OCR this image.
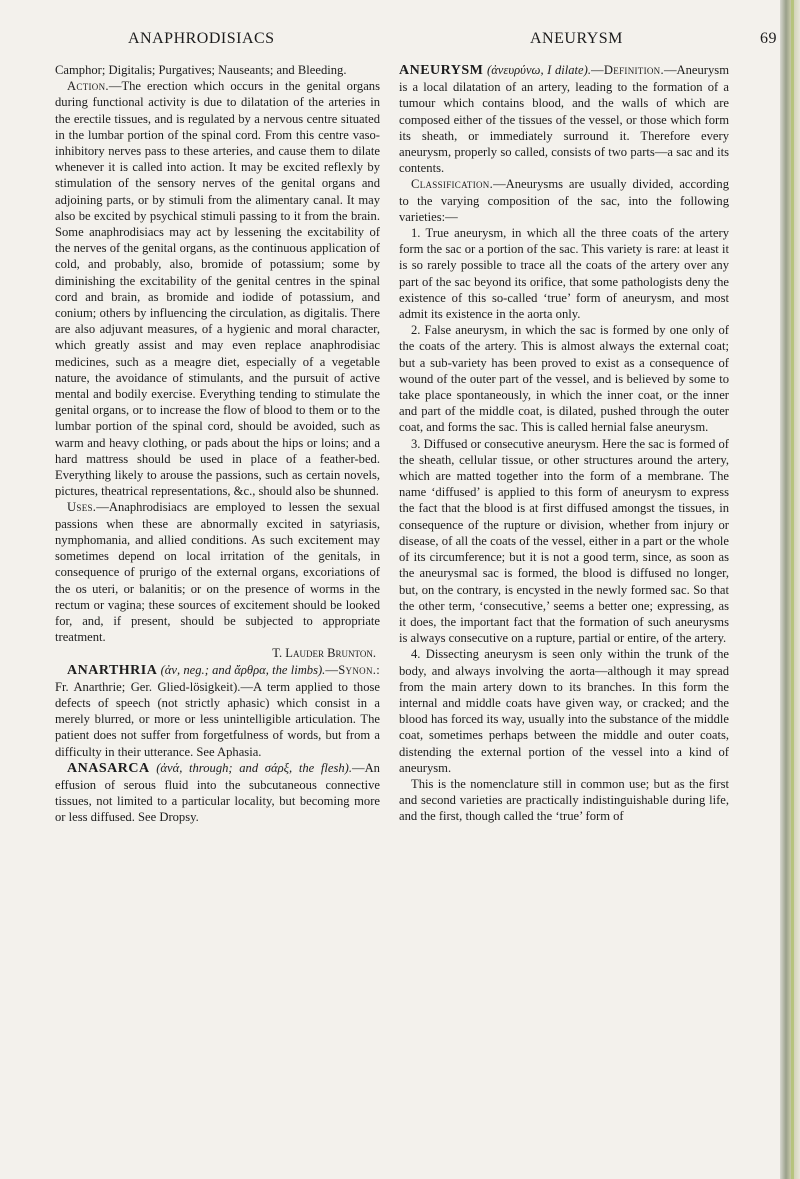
ANAPHRODISIACS	ANEURYSM	69

Camphor; Digitalis; Purgatives; Nauseants; and Bleeding.

Action.—The erection which occurs in the genital organs during functional activity is due to dilatation of the arteries in the erectile tissues, and is regulated by a nervous centre situated in the lumbar portion of the spinal cord. From this centre vaso-inhibitory nerves pass to these arteries, and cause them to dilate whenever it is called into action. It may be excited reflexly by stimulation of the sensory nerves of the genital organs and adjoining parts, or by stimuli from the alimentary canal. It may also be excited by psychical stimuli passing to it from the brain. Some anaphrodisiacs may act by lessening the excitability of the nerves of the genital organs, as the continuous application of cold, and probably, also, bromide of potassium; some by diminishing the excitability of the genital centres in the spinal cord and brain, as bromide and iodide of potassium, and conium; others by influencing the circulation, as digitalis. There are also adjuvant measures, of a hygienic and moral character, which greatly assist and may even replace anaphrodisiac medicines, such as a meagre diet, especially of a vegetable nature, the avoidance of stimulants, and the pursuit of active mental and bodily exercise. Everything tending to stimulate the genital organs, or to increase the flow of blood to them or to the lumbar portion of the spinal cord, should be avoided, such as warm and heavy clothing, or pads about the hips or loins; and a hard mattress should be used in place of a feather-bed. Everything likely to arouse the passions, such as certain novels, pictures, theatrical representations, &c., should also be shunned.

Uses.—Anaphrodisiacs are employed to lessen the sexual passions when these are abnormally excited in satyriasis, nymphomania, and allied conditions. As such excitement may sometimes depend on local irritation of the genitals, in consequence of prurigo of the external organs, excoriations of the os uteri, or balanitis; or on the presence of worms in the rectum or vagina; these sources of excitement should be looked for, and, if present, should be subjected to appropriate treatment.

T. Lauder Brunton.

ANARTHRIA (ἀν, neg.; and ἄρθρα, the limbs).—Synon.: Fr. Anarthrie; Ger. Glied-lösigkeit).—A term applied to those defects of speech (not strictly aphasic) which consist in a merely blurred, or more or less unintelligible articulation. The patient does not suffer from forgetfulness of words, but from a difficulty in their utterance. See Aphasia.

ANASARCA (ἀνά, through; and σάρξ, the flesh).—An effusion of serous fluid into the subcutaneous connective tissues, not limited to a particular locality, but becoming more or less diffused. See Dropsy.

ANEURYSM (ἀνευρύνω, I dilate).—Definition.—Aneurysm is a local dilatation of an artery, leading to the formation of a tumour which contains blood, and the walls of which are composed either of the tissues of the vessel, or those which form its sheath, or immediately surround it. Therefore every aneurysm, properly so called, consists of two parts—a sac and its contents.

Classification.—Aneurysms are usually divided, according to the varying composition of the sac, into the following varieties:—

1. True aneurysm, in which all the three coats of the artery form the sac or a portion of the sac. This variety is rare: at least it is so rarely possible to trace all the coats of the artery over any part of the sac beyond its orifice, that some pathologists deny the existence of this so-called ‘true’ form of aneurysm, and most admit its existence in the aorta only.

2. False aneurysm, in which the sac is formed by one only of the coats of the artery. This is almost always the external coat; but a sub-variety has been proved to exist as a consequence of wound of the outer part of the vessel, and is believed by some to take place spontaneously, in which the inner coat, or the inner and part of the middle coat, is dilated, pushed through the outer coat, and forms the sac. This is called hernial false aneurysm.

3. Diffused or consecutive aneurysm. Here the sac is formed of the sheath, cellular tissue, or other structures around the artery, which are matted together into the form of a membrane. The name ‘diffused’ is applied to this form of aneurysm to express the fact that the blood is at first diffused amongst the tissues, in consequence of the rupture or division, whether from injury or disease, of all the coats of the vessel, either in a part or the whole of its circumference; but it is not a good term, since, as soon as the aneurysmal sac is formed, the blood is diffused no longer, but, on the contrary, is encysted in the newly formed sac. So that the other term, ‘consecutive,’ seems a better one; expressing, as it does, the important fact that the formation of such aneurysms is always consecutive on a rupture, partial or entire, of the artery.

4. Dissecting aneurysm is seen only within the trunk of the body, and always involving the aorta—although it may spread from the main artery down to its branches. In this form the internal and middle coats have given way, or cracked; and the blood has forced its way, usually into the substance of the middle coat, sometimes perhaps between the middle and outer coats, distending the external portion of the vessel into a kind of aneurysm.

This is the nomenclature still in common use; but as the first and second varieties are practically indistinguishable during life, and the first, though called the ‘true’ form of
